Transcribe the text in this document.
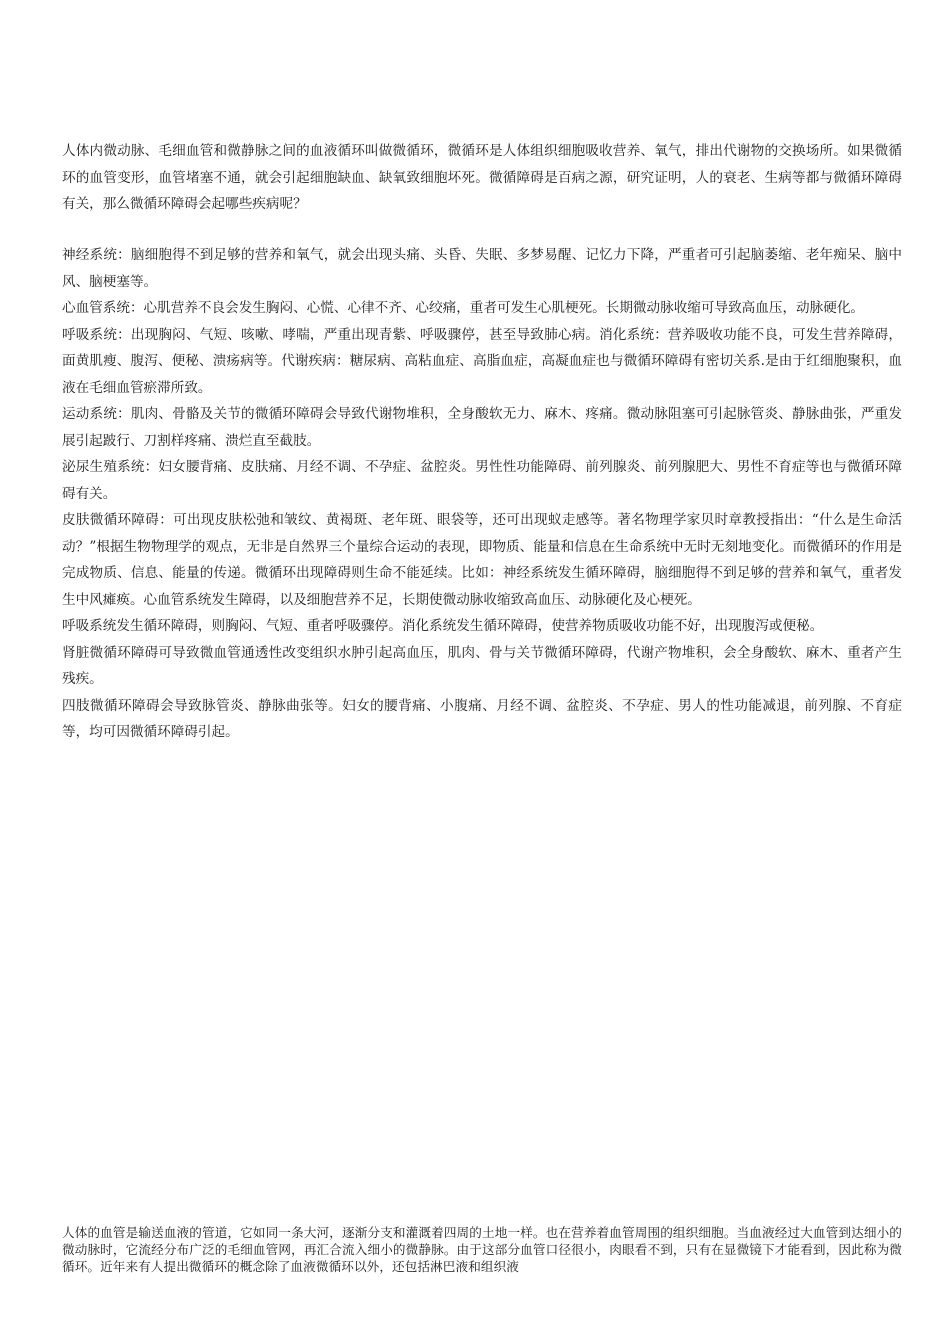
人体内微动脉、毛细血管和微静脉之间的血液循环叫做微循环，微循环是人体组织细胞吸收营养、氧气，排出代谢物的交换场所。如果微循环的血管变形，血管堵塞不通，就会引起细胞缺血、缺氧致细胞坏死。微循障碍是百病之源，研究证明，人的衰老、生病等都与微循环障碍有关，那么微循环障碍会起哪些疾病呢？

神经系统：脑细胞得不到足够的营养和氧气，就会出现头痛、头昏、失眠、多梦易醒、记忆力下降，严重者可引起脑萎缩、老年痴呆、脑中风、脑梗塞等。

心血管系统：心肌营养不良会发生胸闷、心慌、心律不齐、心绞痛，重者可发生心肌梗死。长期微动脉收缩可导致高血压，动脉硬化。

呼吸系统：出现胸闷、气短、咳嗽、哮喘，严重出现青紫、呼吸骤停，甚至导致肺心病。消化系统：营养吸收功能不良，可发生营养障碍，面黄肌瘦、腹泻、便秘、溃疡病等。代谢疾病：糖尿病、高粘血症、高脂血症，高凝血症也与微循环障碍有密切关系.是由于红细胞聚积，血液在毛细血管瘀滞所致。

运动系统：肌肉、骨骼及关节的微循环障碍会导致代谢物堆积，全身酸软无力、麻木、疼痛。微动脉阻塞可引起脉管炎、静脉曲张，严重发展引起跛行、刀割样疼痛、溃烂直至截肢。

泌尿生殖系统：妇女腰背痛、皮肤痛、月经不调、不孕症、盆腔炎。男性性功能障碍、前列腺炎、前列腺肥大、男性不育症等也与微循环障碍有关。

皮肤微循环障碍：可出现皮肤松弛和皱纹、黄褐斑、老年斑、眼袋等，还可出现蚁走感等。著名物理学家贝时章教授指出：“什么是生命活动？”根据生物物理学的观点，无非是自然界三个量综合运动的表现，即物质、能量和信息在生命系统中无时无刻地变化。而微循环的作用是完成物质、信息、能量的传递。微循环出现障碍则生命不能延续。比如：神经系统发生循环障碍，脑细胞得不到足够的营养和氧气，重者发生中风瘫痪。心血管系统发生障碍，以及细胞营养不足，长期使微动脉收缩致高血压、动脉硬化及心梗死。

呼吸系统发生循环障碍，则胸闷、气短、重者呼吸骤停。消化系统发生循环障碍，使营养物质吸收功能不好，出现腹泻或便秘。

肾脏微循环障碍可导致微血管通透性改变组织水肿引起高血压，肌肉、骨与关节微循环障碍，代谢产物堆积，会全身酸软、麻木、重者产生残疾。

四肢微循环障碍会导致脉管炎、静脉曲张等。妇女的腰背痛、小腹痛、月经不调、盆腔炎、不孕症、男人的性功能减退，前列腺、不育症等，均可因微循环障碍引起。

人体的血管是输送血液的管道，它如同一条大河，逐渐分支和灌溉着四周的土地一样。也在营养着血管周围的组织细胞。当血液经过大血管到达细小的微动脉时，它流经分布广泛的毛细血管网，再汇合流入细小的微静脉。由于这部分血管口径很小，肉眼看不到，只有在显微镜下才能看到，因此称为微循环。近年来有人提出微循环的概念除了血液微循环以外，还包括淋巴液和组织液
